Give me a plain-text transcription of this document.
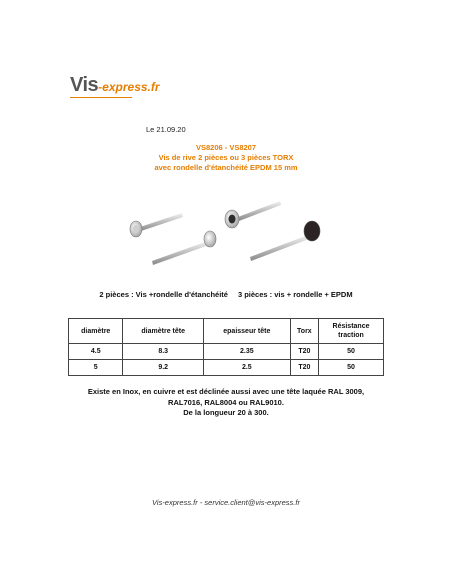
Vis-express.fr
Le 21.09.20
VS8206 - VS8207
Vis de rive 2 pièces ou 3 pièces TORX
avec rondelle d'étanchéité EPDM 15 mm
2 pièces : Vis +rondelle d'étanchéité 3 pièces : vis + rondelle + EPDM
diamètre	diamètre tête	epaisseur tête	Torx	Résistance traction
4.5	8.3	2.35	T20	50
5	9.2	2.5	T20	50
Existe en Inox, en cuivre et est déclinée aussi avec une tête laquée RAL 3009,
RAL7016, RAL8004 ou RAL9010.
De la longueur 20 à 300.
Vis-express.fr - service.client@vis-express.fr
